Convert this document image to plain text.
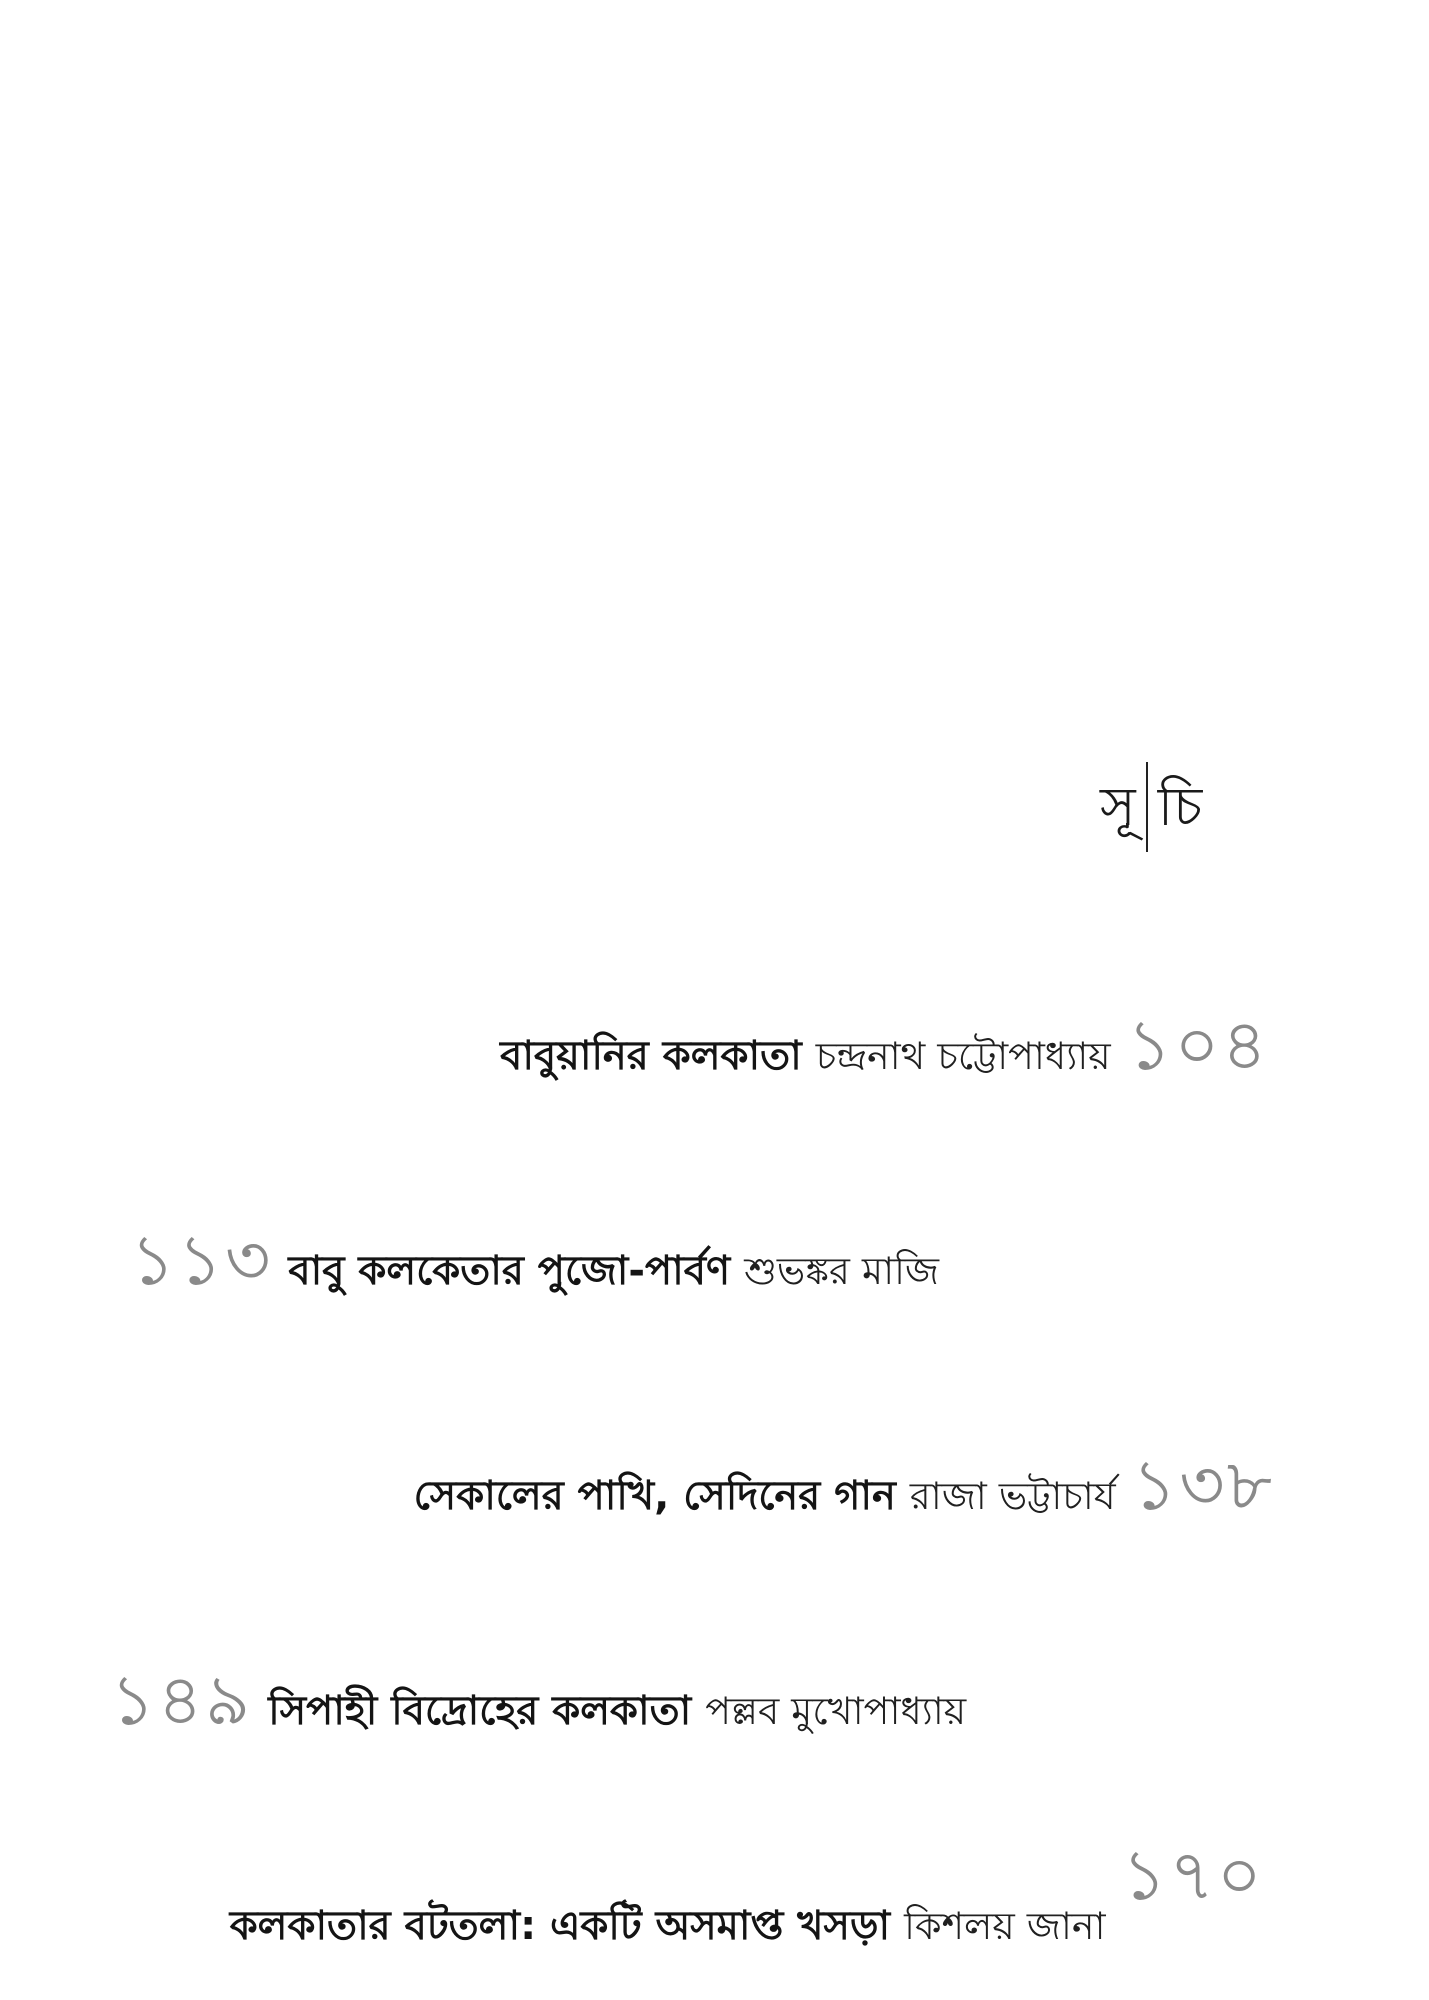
সূ চি
বাবুয়ানির কলকাতা চন্দ্রনাথ চট্টোপাধ্যায় ১০৪
১১৩ বাবু কলকেতার পুজো-পার্বণ শুভঙ্কর মাজি
সেকালের পাখি, সেদিনের গান রাজা ভট্টাচার্য ১৩৮
১৪৯ সিপাহী বিদ্রোহের কলকাতা পল্লব মুখোপাধ্যায়
কলকাতার বটতলা: একটি অসমাপ্ত খসড়া কিশলয় জানা
১৭০
